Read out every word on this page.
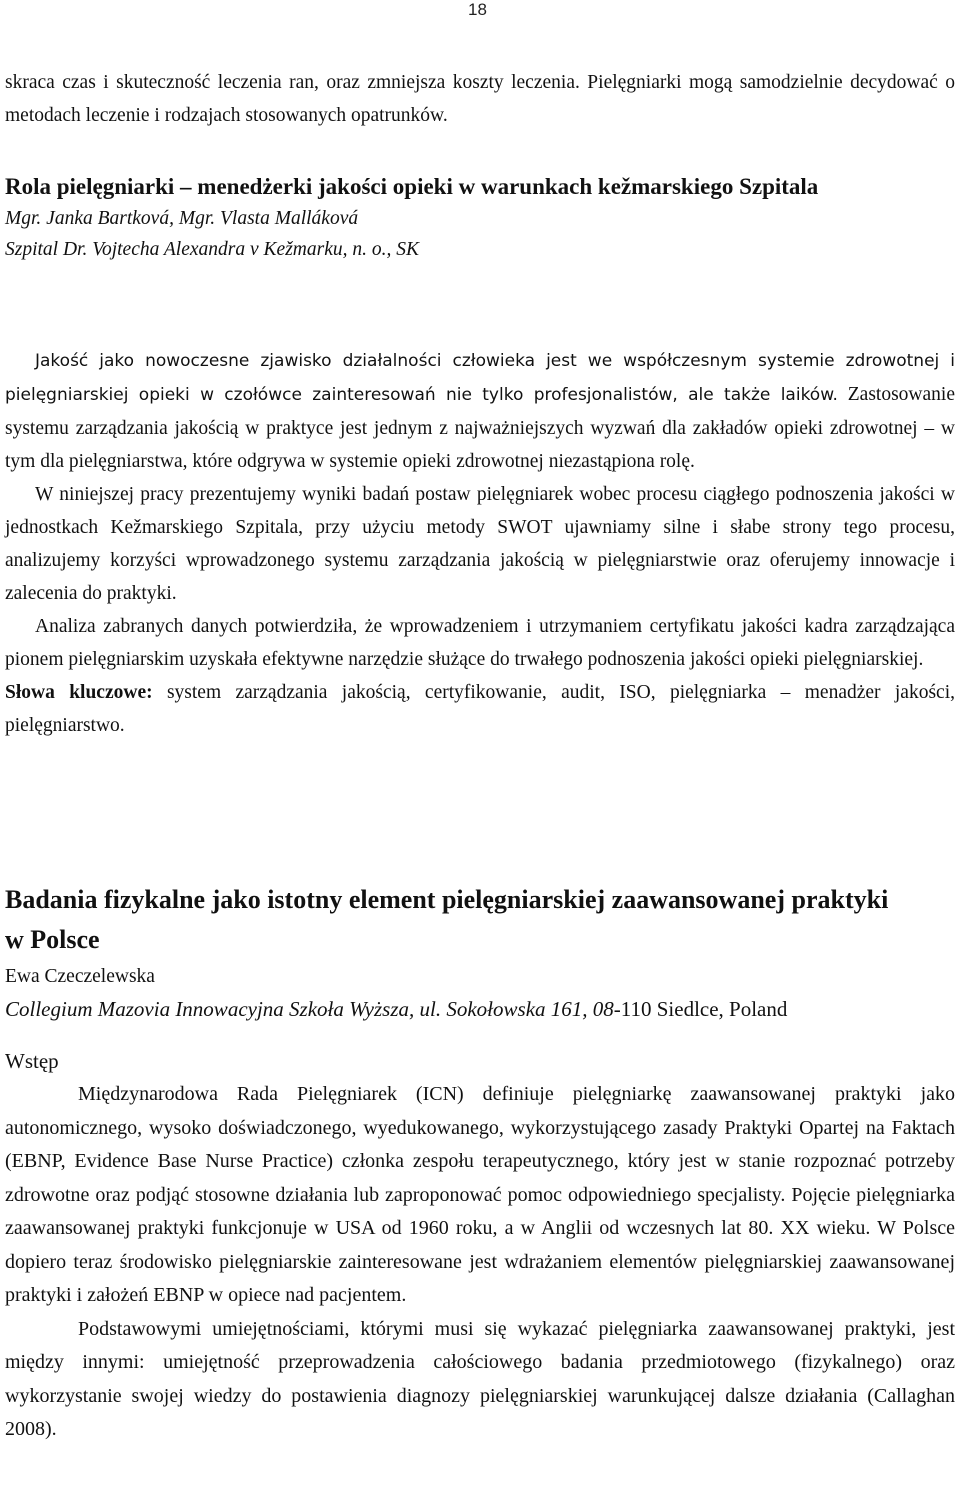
18

skraca czas i skuteczność leczenia ran, oraz zmniejsza koszty leczenia. Pielęgniarki mogą samodzielnie decydować o metodach leczenie i rodzajach stosowanych opatrunków.

Rola pielęgniarki – menedżerki jakości opieki w warunkach kežmarskiego Szpitala

Mgr. Janka Bartková, Mgr. Vlasta Malláková

Szpital Dr. Vojtecha Alexandra v Kežmarku, n. o., SK

Jakość jako nowoczesne zjawisko działalności człowieka jest we współczesnym systemie zdrowotnej i pielęgniarskiej opieki w czołówce zainteresowań nie tylko profesjonalistów, ale także laików. Zastosowanie systemu zarządzania jakością w praktyce jest jednym z najważniejszych wyzwań dla zakładów opieki zdrowotnej – w tym dla pielęgniarstwa, które odgrywa w systemie opieki zdrowotnej niezastąpiona rolę.

W niniejszej pracy prezentujemy wyniki badań postaw pielęgniarek wobec procesu ciągłego podnoszenia jakości w jednostkach Kežmarskiego Szpitala, przy użyciu metody SWOT ujawniamy silne i słabe strony tego procesu, analizujemy korzyści wprowadzonego systemu zarządzania jakością w pielęgniarstwie oraz oferujemy innowacje i zalecenia do praktyki.

Analiza zabranych danych potwierdziła, że wprowadzeniem i utrzymaniem certyfikatu jakości kadra zarządzająca pionem pielęgniarskim uzyskała efektywne narzędzie służące do trwałego podnoszenia jakości opieki pielęgniarskiej.

Słowa kluczowe: system zarządzania jakością, certyfikowanie, audit, ISO, pielęgniarka – menadżer jakości, pielęgniarstwo.

Badania fizykalne jako istotny element pielęgniarskiej zaawansowanej praktyki w Polsce

Ewa Czeczelewska

Collegium Mazovia Innowacyjna Szkoła Wyższa, ul. Sokołowska 161, 08-110 Siedlce, Poland

Wstęp

Międzynarodowa Rada Pielęgniarek (ICN) definiuje pielęgniarkę zaawansowanej praktyki jako autonomicznego, wysoko doświadczonego, wyedukowanego, wykorzystującego zasady Praktyki Opartej na Faktach (EBNP, Evidence Base Nurse Practice) członka zespołu terapeutycznego, który jest w stanie rozpoznać potrzeby zdrowotne oraz podjąć stosowne działania lub zaproponować pomoc odpowiedniego specjalisty. Pojęcie pielęgniarka zaawansowanej praktyki funkcjonuje w USA od 1960 roku, a w Anglii od wczesnych lat 80. XX wieku. W Polsce dopiero teraz środowisko pielęgniarskie zainteresowane jest wdrażaniem elementów pielęgniarskiej zaawansowanej praktyki i założeń EBNP w opiece nad pacjentem.

Podstawowymi umiejętnościami, którymi musi się wykazać pielęgniarka zaawansowanej praktyki, jest między innymi: umiejętność przeprowadzenia całościowego badania przedmiotowego (fizykalnego) oraz wykorzystanie swojej wiedzy do postawienia diagnozy pielęgniarskiej warunkującej dalsze działania (Callaghan 2008).
